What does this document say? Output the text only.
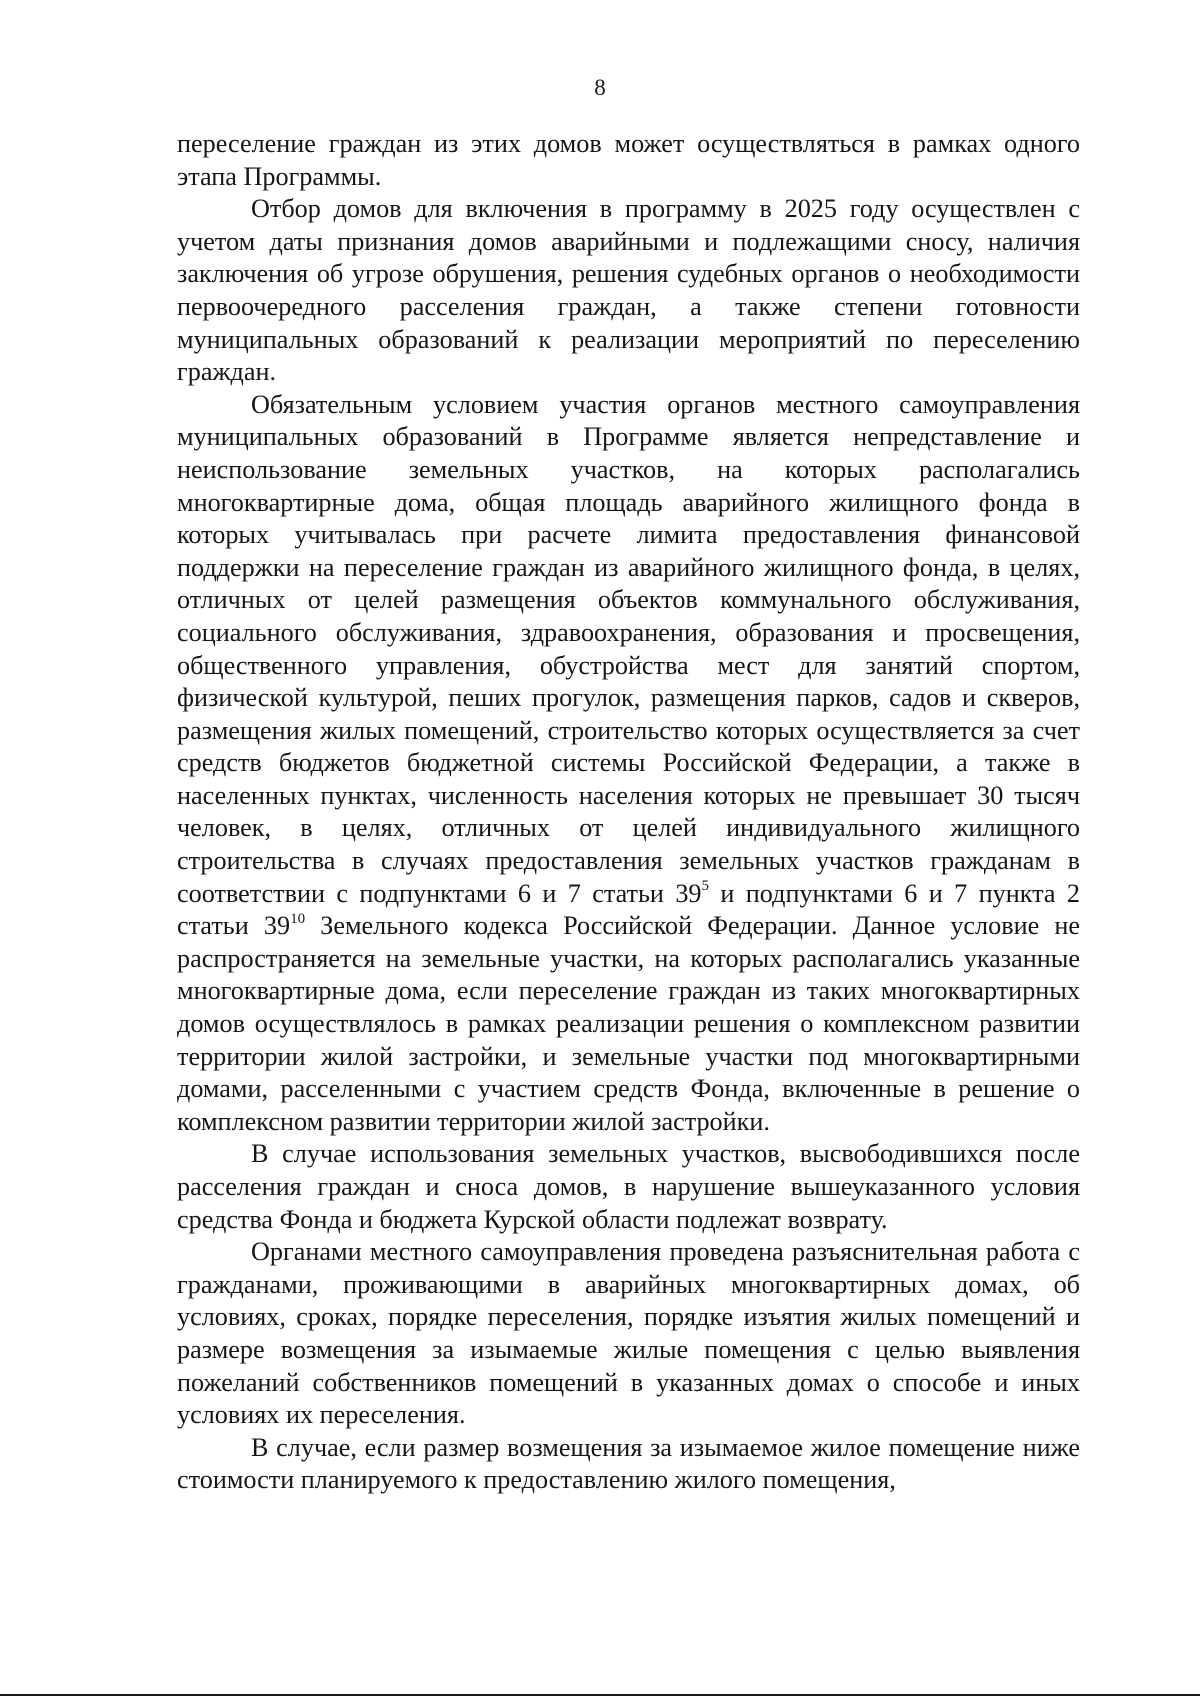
8

переселение граждан из этих домов может осуществляться в рамках одного этапа Программы.

Отбор домов для включения в программу в 2025 году осуществлен с учетом даты признания домов аварийными и подлежащими сносу, наличия заключения об угрозе обрушения, решения судебных органов о необходимости первоочередного расселения граждан, а также степени готовности муниципальных образований к реализации мероприятий по переселению граждан.

Обязательным условием участия органов местного самоуправления муниципальных образований в Программе является непредставление и неиспользование земельных участков, на которых располагались многоквартирные дома, общая площадь аварийного жилищного фонда в которых учитывалась при расчете лимита предоставления финансовой поддержки на переселение граждан из аварийного жилищного фонда, в целях, отличных от целей размещения объектов коммунального обслуживания, социального обслуживания, здравоохранения, образования и просвещения, общественного управления, обустройства мест для занятий спортом, физической культурой, пеших прогулок, размещения парков, садов и скверов, размещения жилых помещений, строительство которых осуществляется за счет средств бюджетов бюджетной системы Российской Федерации, а также в населенных пунктах, численность населения которых не превышает 30 тысяч человек, в целях, отличных от целей индивидуального жилищного строительства в случаях предоставления земельных участков гражданам в соответствии с подпунктами 6 и 7 статьи $39^5$ и подпунктами 6 и 7 пункта 2 статьи $39^{10}$ Земельного кодекса Российской Федерации. Данное условие не распространяется на земельные участки, на которых располагались указанные многоквартирные дома, если переселение граждан из таких многоквартирных домов осуществлялось в рамках реализации решения о комплексном развитии территории жилой застройки, и земельные участки под многоквартирными домами, расселенными с участием средств Фонда, включенные в решение о комплексном развитии территории жилой застройки.

В случае использования земельных участков, высвободившихся после расселения граждан и сноса домов, в нарушение вышеуказанного условия средства Фонда и бюджета Курской области подлежат возврату.

Органами местного самоуправления проведена разъяснительная работа с гражданами, проживающими в аварийных многоквартирных домах, об условиях, сроках, порядке переселения, порядке изъятия жилых помещений и размере возмещения за изымаемые жилые помещения с целью выявления пожеланий собственников помещений в указанных домах о способе и иных условиях их переселения.

В случае, если размер возмещения за изымаемое жилое помещение ниже стоимости планируемого к предоставлению жилого помещения,
